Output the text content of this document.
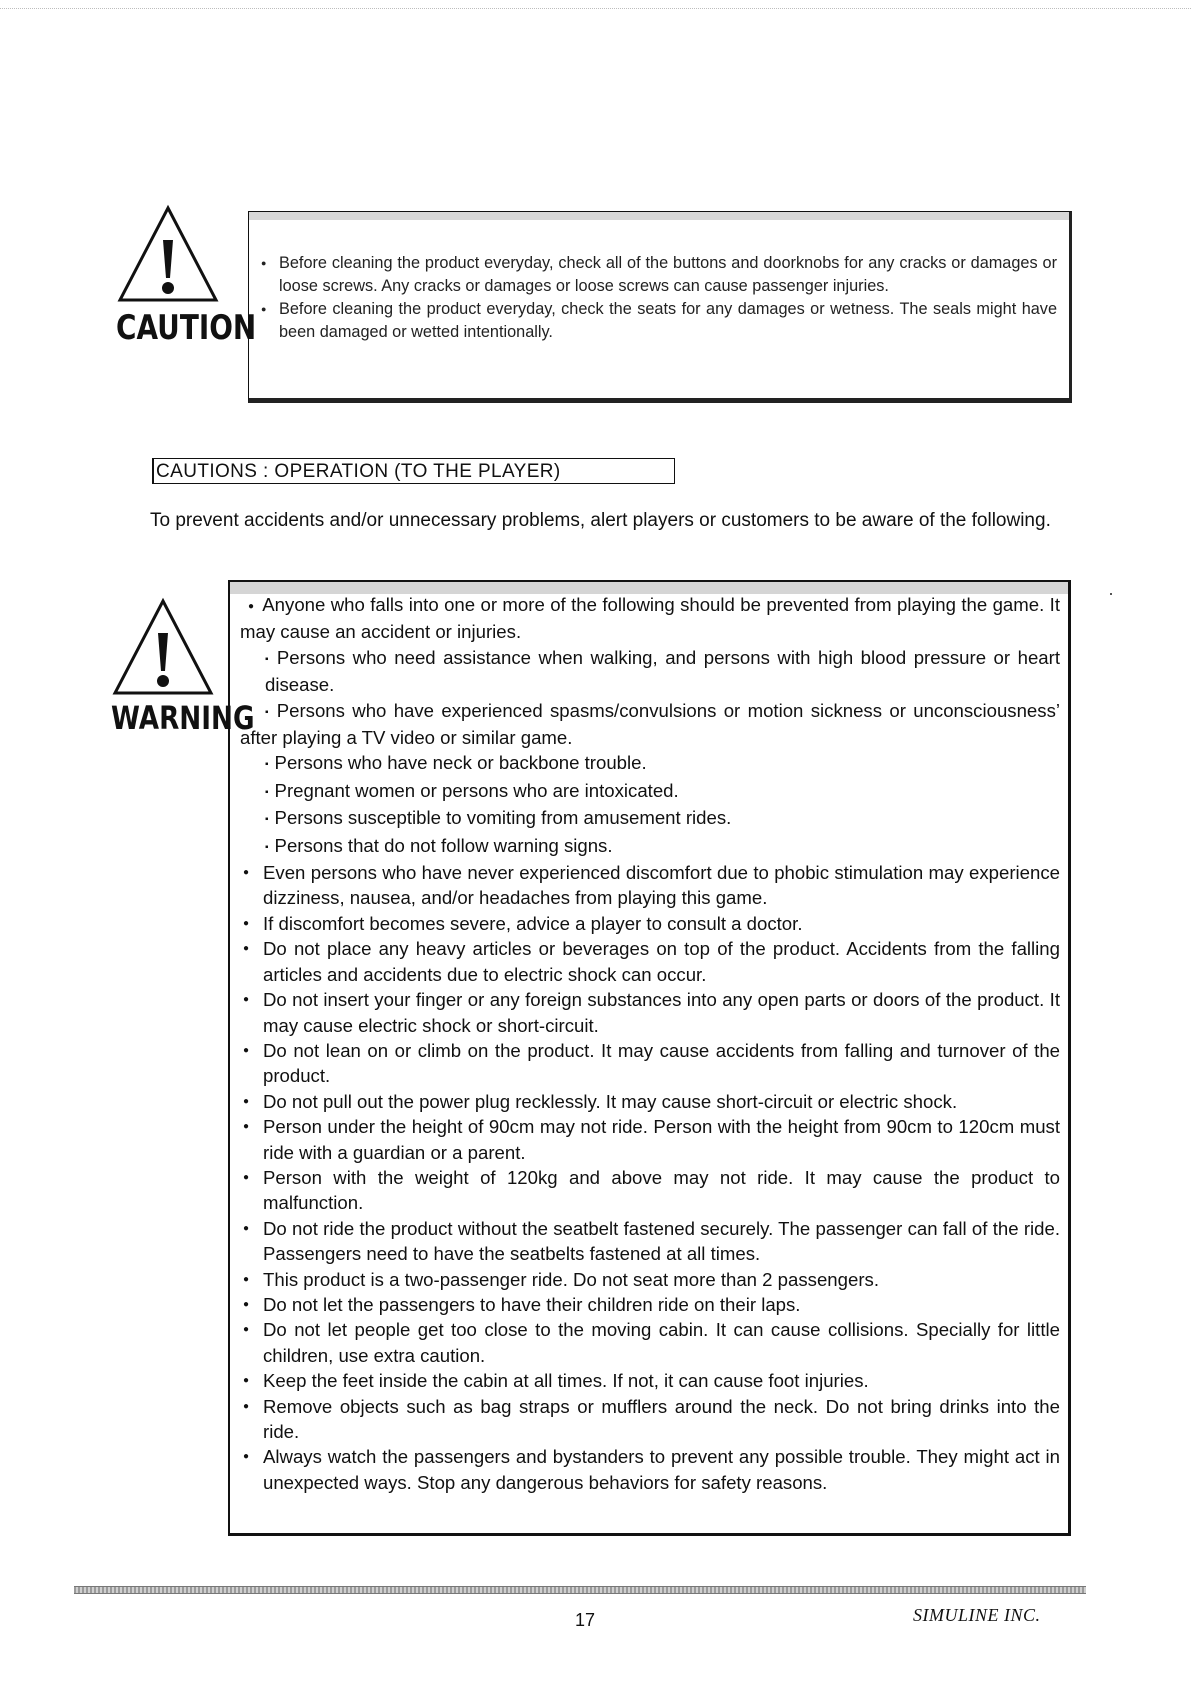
CAUTION
● Before cleaning the product everyday, check all of the buttons and doorknobs for any cracks or damages or loose screws. Any cracks or damages or loose screws can cause passenger injuries.
● Before cleaning the product everyday, check the seats for any damages or wetness. The seals might have been damaged or wetted intentionally.
CAUTIONS : OPERATION (TO THE PLAYER)

To prevent accidents and/or unnecessary problems, alert players or customers to be aware of the following.

WARNING

● Anyone who falls into one or more of the following should be prevented from playing the game. It may cause an accident or injuries.

▪ Persons who need assistance when walking, and persons with high blood pressure or heart disease.
▪ Persons who have experienced spasms/convulsions or motion sickness or unconsciousness’ after playing a TV video or similar game.
▪ Persons who have neck or backbone trouble.
▪ Pregnant women or persons who are intoxicated.
▪ Persons susceptible to vomiting from amusement rides.
▪ Persons that do not follow warning signs.
● Even persons who have never experienced discomfort due to phobic stimulation may experience dizziness, nausea, and/or headaches from playing this game.
● If discomfort becomes severe, advice a player to consult a doctor.
● Do not place any heavy articles or beverages on top of the product. Accidents from the falling articles and accidents due to electric shock can occur.
● Do not insert your finger or any foreign substances into any open parts or doors of the product. It may cause electric shock or short-circuit.
● Do not lean on or climb on the product. It may cause accidents from falling and turnover of the product.
● Do not pull out the power plug recklessly. It may cause short-circuit or electric shock.
● Person under the height of 90cm may not ride. Person with the height from 90cm to 120cm must ride with a guardian or a parent.
● Person with the weight of 120kg and above may not ride. It may cause the product to malfunction.
● Do not ride the product without the seatbelt fastened securely. The passenger can fall of the ride. Passengers need to have the seatbelts fastened at all times.
● This product is a two-passenger ride. Do not seat more than 2 passengers.
● Do not let the passengers to have their children ride on their laps.
● Do not let people get too close to the moving cabin. It can cause collisions. Specially for little children, use extra caution.
● Keep the feet inside the cabin at all times. If not, it can cause foot injuries.
● Remove objects such as bag straps or mufflers around the neck. Do not bring drinks into the ride.
● Always watch the passengers and bystanders to prevent any possible trouble. They might act in unexpected ways. Stop any dangerous behaviors for safety reasons.
17	SIMULINE INC.
